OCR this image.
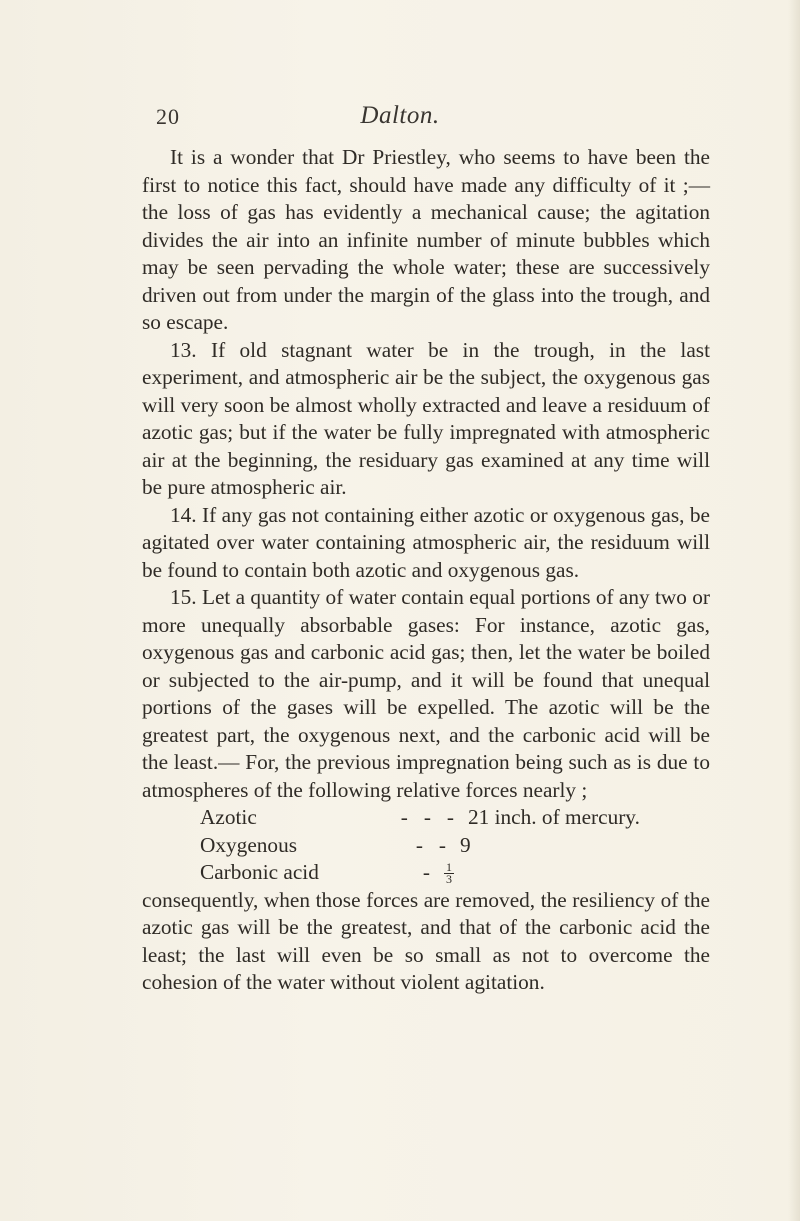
20	Dalton.

It is a wonder that Dr Priestley, who seems to have been the first to notice this fact, should have made any difficulty of it ;—the loss of gas has evidently a mechanical cause; the agitation divides the air into an infinite number of minute bubbles which may be seen pervading the whole water; these are successively driven out from under the margin of the glass into the trough, and so escape.

13. If old stagnant water be in the trough, in the last experiment, and atmospheric air be the subject, the oxygenous gas will very soon be almost wholly extracted and leave a residuum of azotic gas; but if the water be fully impregnated with atmospheric air at the beginning, the residuary gas examined at any time will be pure atmospheric air.

14. If any gas not containing either azotic or oxygenous gas, be agitated over water containing atmospheric air, the residuum will be found to contain both azotic and oxygenous gas.

15. Let a quantity of water contain equal portions of any two or more unequally absorbable gases: For instance, azotic gas, oxygenous gas and carbonic acid gas; then, let the water be boiled or subjected to the air-pump, and it will be found that unequal portions of the gases will be expelled. The azotic will be the greatest part, the oxygenous next, and the carbonic acid will be the least.— For, the previous impregnation being such as is due to atmospheres of the following relative forces nearly ;

Azotic	-   -   - 21 inch. of mercury.
Oxygenous	-   - 9
Carbonic acid	-	$\frac{1}{3}$

consequently, when those forces are removed, the resiliency of the azotic gas will be the greatest, and that of the carbonic acid the least; the last will even be so small as not to overcome the cohesion of the water without violent agitation.
